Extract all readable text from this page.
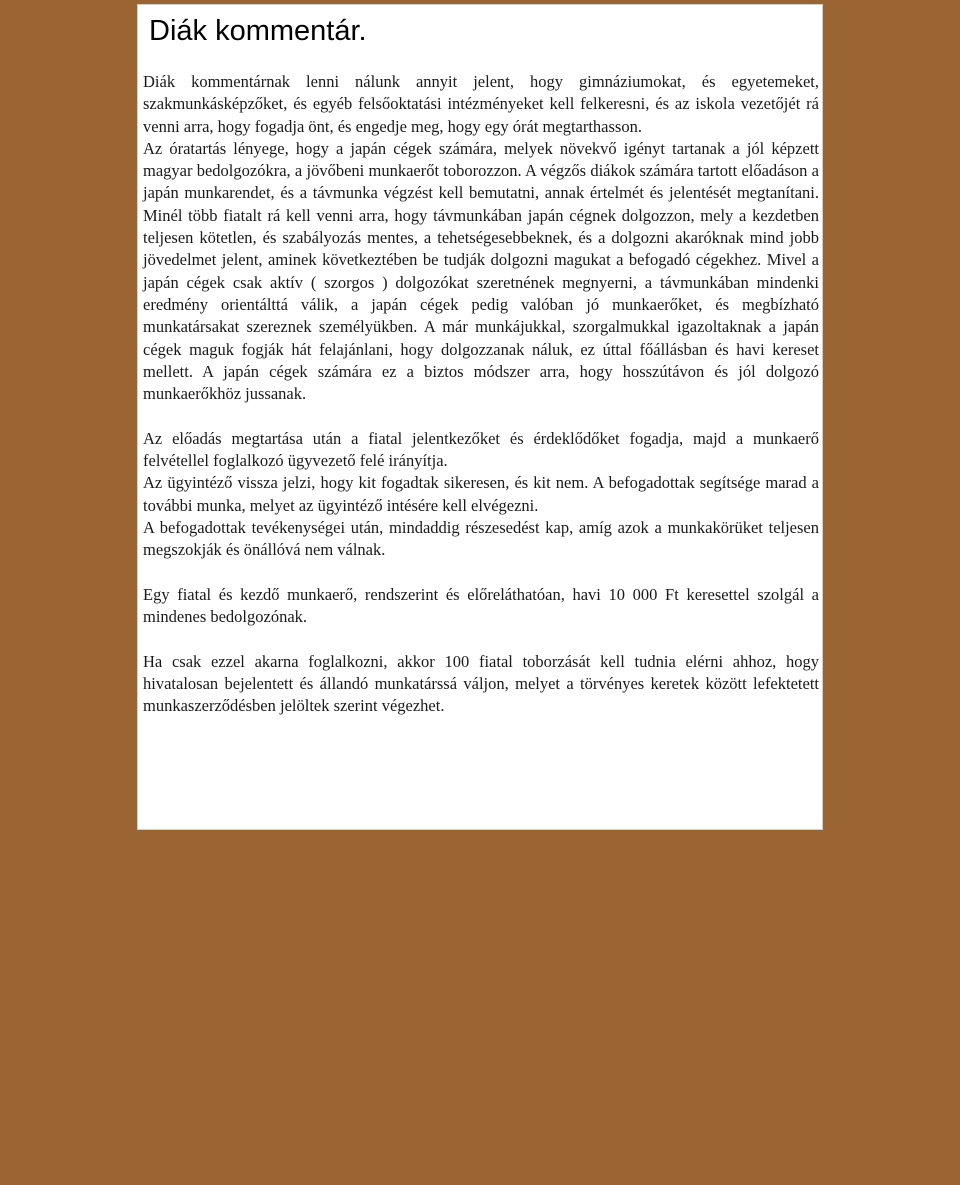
Diák kommentár.

Diák kommentárnak lenni nálunk annyit jelent, hogy gimnáziumokat, és egyetemeket, szakmunkásképzőket, és egyéb felsőoktatási intézményeket kell felkeresni, és az iskola vezetőjét rá venni arra, hogy fogadja önt, és engedje meg, hogy egy órát megtarthasson.

Az óratartás lényege, hogy a japán cégek számára, melyek növekvő igényt tartanak a jól képzett magyar bedolgozókra, a jövőbeni munkaerőt toborozzon. A végzős diákok számára tartott előadáson a japán munkarendet, és a távmunka végzést kell bemutatni, annak értelmét és jelentését megtanítani. Minél több fiatalt rá kell venni arra, hogy távmunkában japán cégnek dolgozzon, mely a kezdetben teljesen kötetlen, és szabályozás mentes, a tehetségesebbeknek, és a dolgozni akaróknak mind jobb jövedelmet jelent, aminek következtében be tudják dolgozni magukat a befogadó cégekhez. Mivel a japán cégek csak aktív ( szorgos ) dolgozókat szeretnének megnyerni, a távmunkában mindenki eredmény orientálttá válik, a japán cégek pedig valóban jó munkaerőket, és megbízható munkatársakat szereznek személyükben. A már munkájukkal, szorgalmukkal igazoltaknak a japán cégek maguk fogják hát felajánlani, hogy dolgozzanak náluk, ez úttal főállásban és havi kereset mellett. A japán cégek számára ez a biztos módszer arra, hogy hosszútávon és jól dolgozó munkaerőkhöz jussanak.

Az előadás megtartása után a fiatal jelentkezőket és érdeklődőket fogadja, majd a munkaerő felvétellel foglalkozó ügyvezető felé irányítja.

Az ügyintéző vissza jelzi, hogy kit fogadtak sikeresen, és kit nem. A befogadottak segítsége marad a további munka, melyet az ügyintéző intésére kell elvégezni.

A befogadottak tevékenységei után, mindaddig részesedést kap, amíg azok a munkakörüket teljesen megszokják és önállóvá nem válnak.

Egy fiatal és kezdő munkaerő, rendszerint és előreláthatóan, havi 10 000 Ft keresettel szolgál a mindenes bedolgozónak.

Ha csak ezzel akarna foglalkozni, akkor 100 fiatal toborzását kell tudnia elérni ahhoz, hogy hivatalosan bejelentett és állandó munkatárssá váljon, melyet a törvényes keretek között lefektetett munkaszerződésben jelöltek szerint végezhet.
